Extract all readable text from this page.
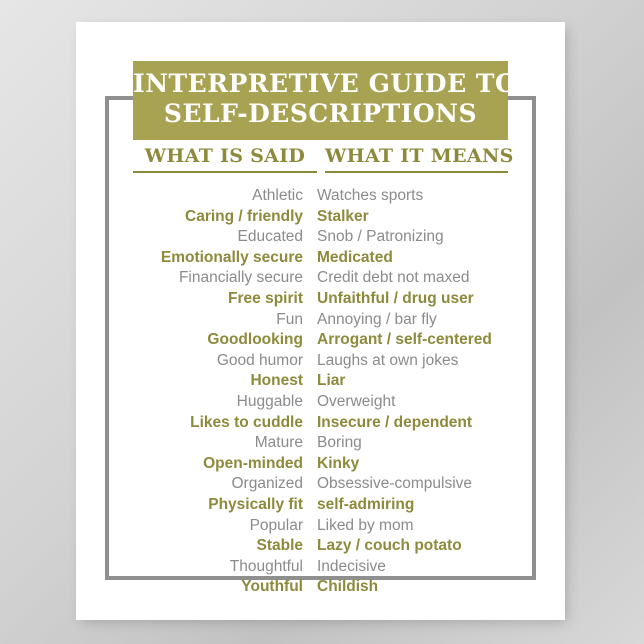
INTERPRETIVE GUIDE TO
SELF-DESCRIPTIONS
WHAT IS SAID	WHAT IT MEANS
Athletic Watches sports
Caring / friendly Stalker
Educated Snob / Patronizing
Emotionally secure Medicated
Financially secure Credit debt not maxed
Free spirit Unfaithful / drug user
Fun Annoying / bar fly
Goodlooking Arrogant / self-centered
Good humor Laughs at own jokes
Honest Liar
Huggable Overweight
Likes to cuddle Insecure / dependent
Mature Boring
Open-minded Kinky
Organized Obsessive-compulsive
Physically fit self-admiring
Popular Liked by mom
Stable Lazy / couch potato
Thoughtful Indecisive
Youthful Childish
